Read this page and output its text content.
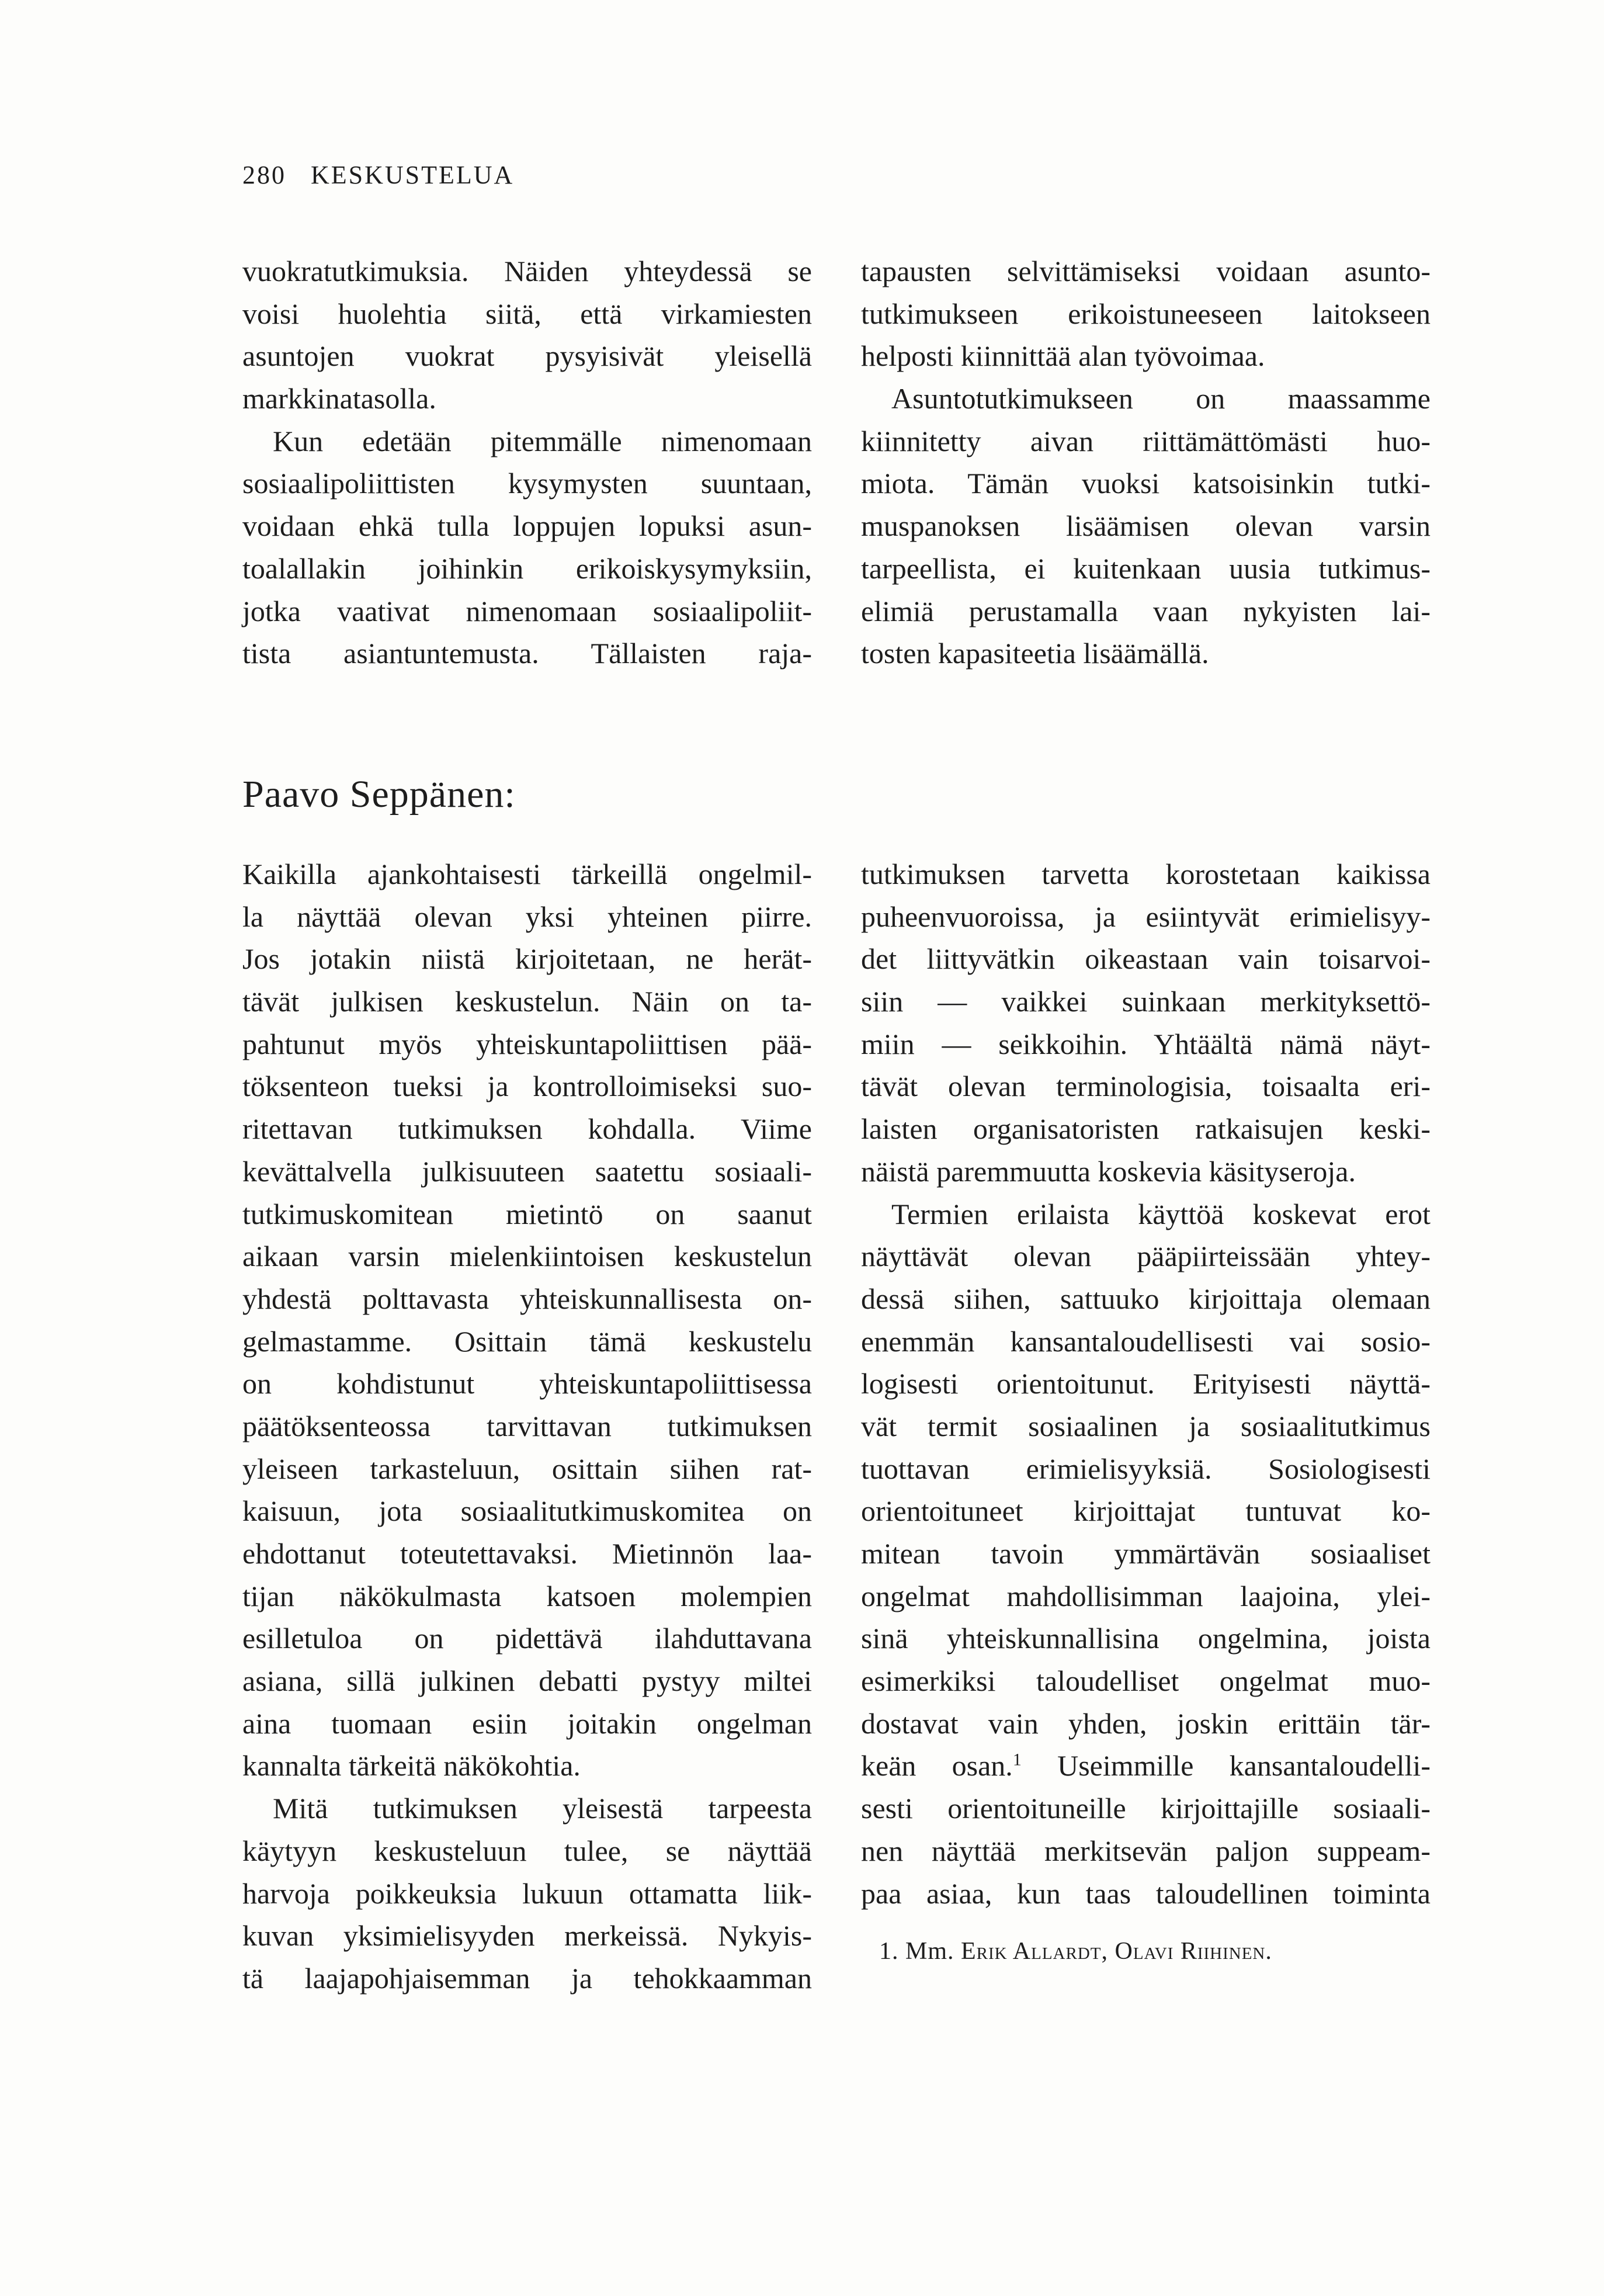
280 KESKUSTELUA
vuokratutkimuksia. Näiden yhteydessä se
voisi huolehtia siitä, että virkamiesten
asuntojen vuokrat pysyisivät yleisellä
markkinatasolla.
Kun edetään pitemmälle nimenomaan
sosiaalipoliittisten kysymysten suuntaan,
voidaan ehkä tulla loppujen lopuksi asun-
toalallakin joihinkin erikoiskysymyksiin,
jotka vaativat nimenomaan sosiaalipoliit-
tista asiantuntemusta. Tällaisten raja-
tapausten selvittämiseksi voidaan asunto-
tutkimukseen erikoistuneeseen laitokseen
helposti kiinnittää alan työvoimaa.
Asuntotutkimukseen on maassamme
kiinnitetty aivan riittämättömästi huo-
miota. Tämän vuoksi katsoisinkin tutki-
muspanoksen lisäämisen olevan varsin
tarpeellista, ei kuitenkaan uusia tutkimus-
elimiä perustamalla vaan nykyisten lai-
tosten kapasiteetia lisäämällä.
Paavo Seppänen:
Kaikilla ajankohtaisesti tärkeillä ongelmil-
la näyttää olevan yksi yhteinen piirre.
Jos jotakin niistä kirjoitetaan, ne herät-
tävät julkisen keskustelun. Näin on ta-
pahtunut myös yhteiskuntapoliittisen pää-
töksenteon tueksi ja kontrolloimiseksi suo-
ritettavan tutkimuksen kohdalla. Viime
kevättalvella julkisuuteen saatettu sosiaali-
tutkimuskomitean mietintö on saanut
aikaan varsin mielenkiintoisen keskustelun
yhdestä polttavasta yhteiskunnallisesta on-
gelmastamme. Osittain tämä keskustelu
on kohdistunut yhteiskuntapoliittisessa
päätöksenteossa tarvittavan tutkimuksen
yleiseen tarkasteluun, osittain siihen rat-
kaisuun, jota sosiaalitutkimuskomitea on
ehdottanut toteutettavaksi. Mietinnön laa-
tijan näkökulmasta katsoen molempien
esilletuloa on pidettävä ilahduttavana
asiana, sillä julkinen debatti pystyy miltei
aina tuomaan esiin joitakin ongelman
kannalta tärkeitä näkökohtia.
Mitä tutkimuksen yleisestä tarpeesta
käytyyn keskusteluun tulee, se näyttää
harvoja poikkeuksia lukuun ottamatta liik-
kuvan yksimielisyyden merkeissä. Nykyis-
tä laajapohjaisemman ja tehokkaamman
tutkimuksen tarvetta korostetaan kaikissa
puheenvuoroissa, ja esiintyvät erimielisyy-
det liittyvätkin oikeastaan vain toisarvoi-
siin — vaikkei suinkaan merkityksettö-
miin — seikkoihin. Yhtäältä nämä näyt-
tävät olevan terminologisia, toisaalta eri-
laisten organisatoristen ratkaisujen keski-
näistä paremmuutta koskevia käsityseroja.
Termien erilaista käyttöä koskevat erot
näyttävät olevan pääpiirteissään yhtey-
dessä siihen, sattuuko kirjoittaja olemaan
enemmän kansantaloudellisesti vai sosio-
logisesti orientoitunut. Erityisesti näyttä-
vät termit sosiaalinen ja sosiaalitutkimus
tuottavan erimielisyyksiä. Sosiologisesti
orientoituneet kirjoittajat tuntuvat ko-
mitean tavoin ymmärtävän sosiaaliset
ongelmat mahdollisimman laajoina, ylei-
sinä yhteiskunnallisina ongelmina, joista
esimerkiksi taloudelliset ongelmat muo-
dostavat vain yhden, joskin erittäin tär-
keän osan.$^1$ Useimmille kansantaloudelli-
sesti orientoituneille kirjoittajille sosiaali-
nen näyttää merkitsevän paljon suppeam-
paa asiaa, kun taas taloudellinen toiminta
1. Mm. Erik Allardt, Olavi Riihinen.
